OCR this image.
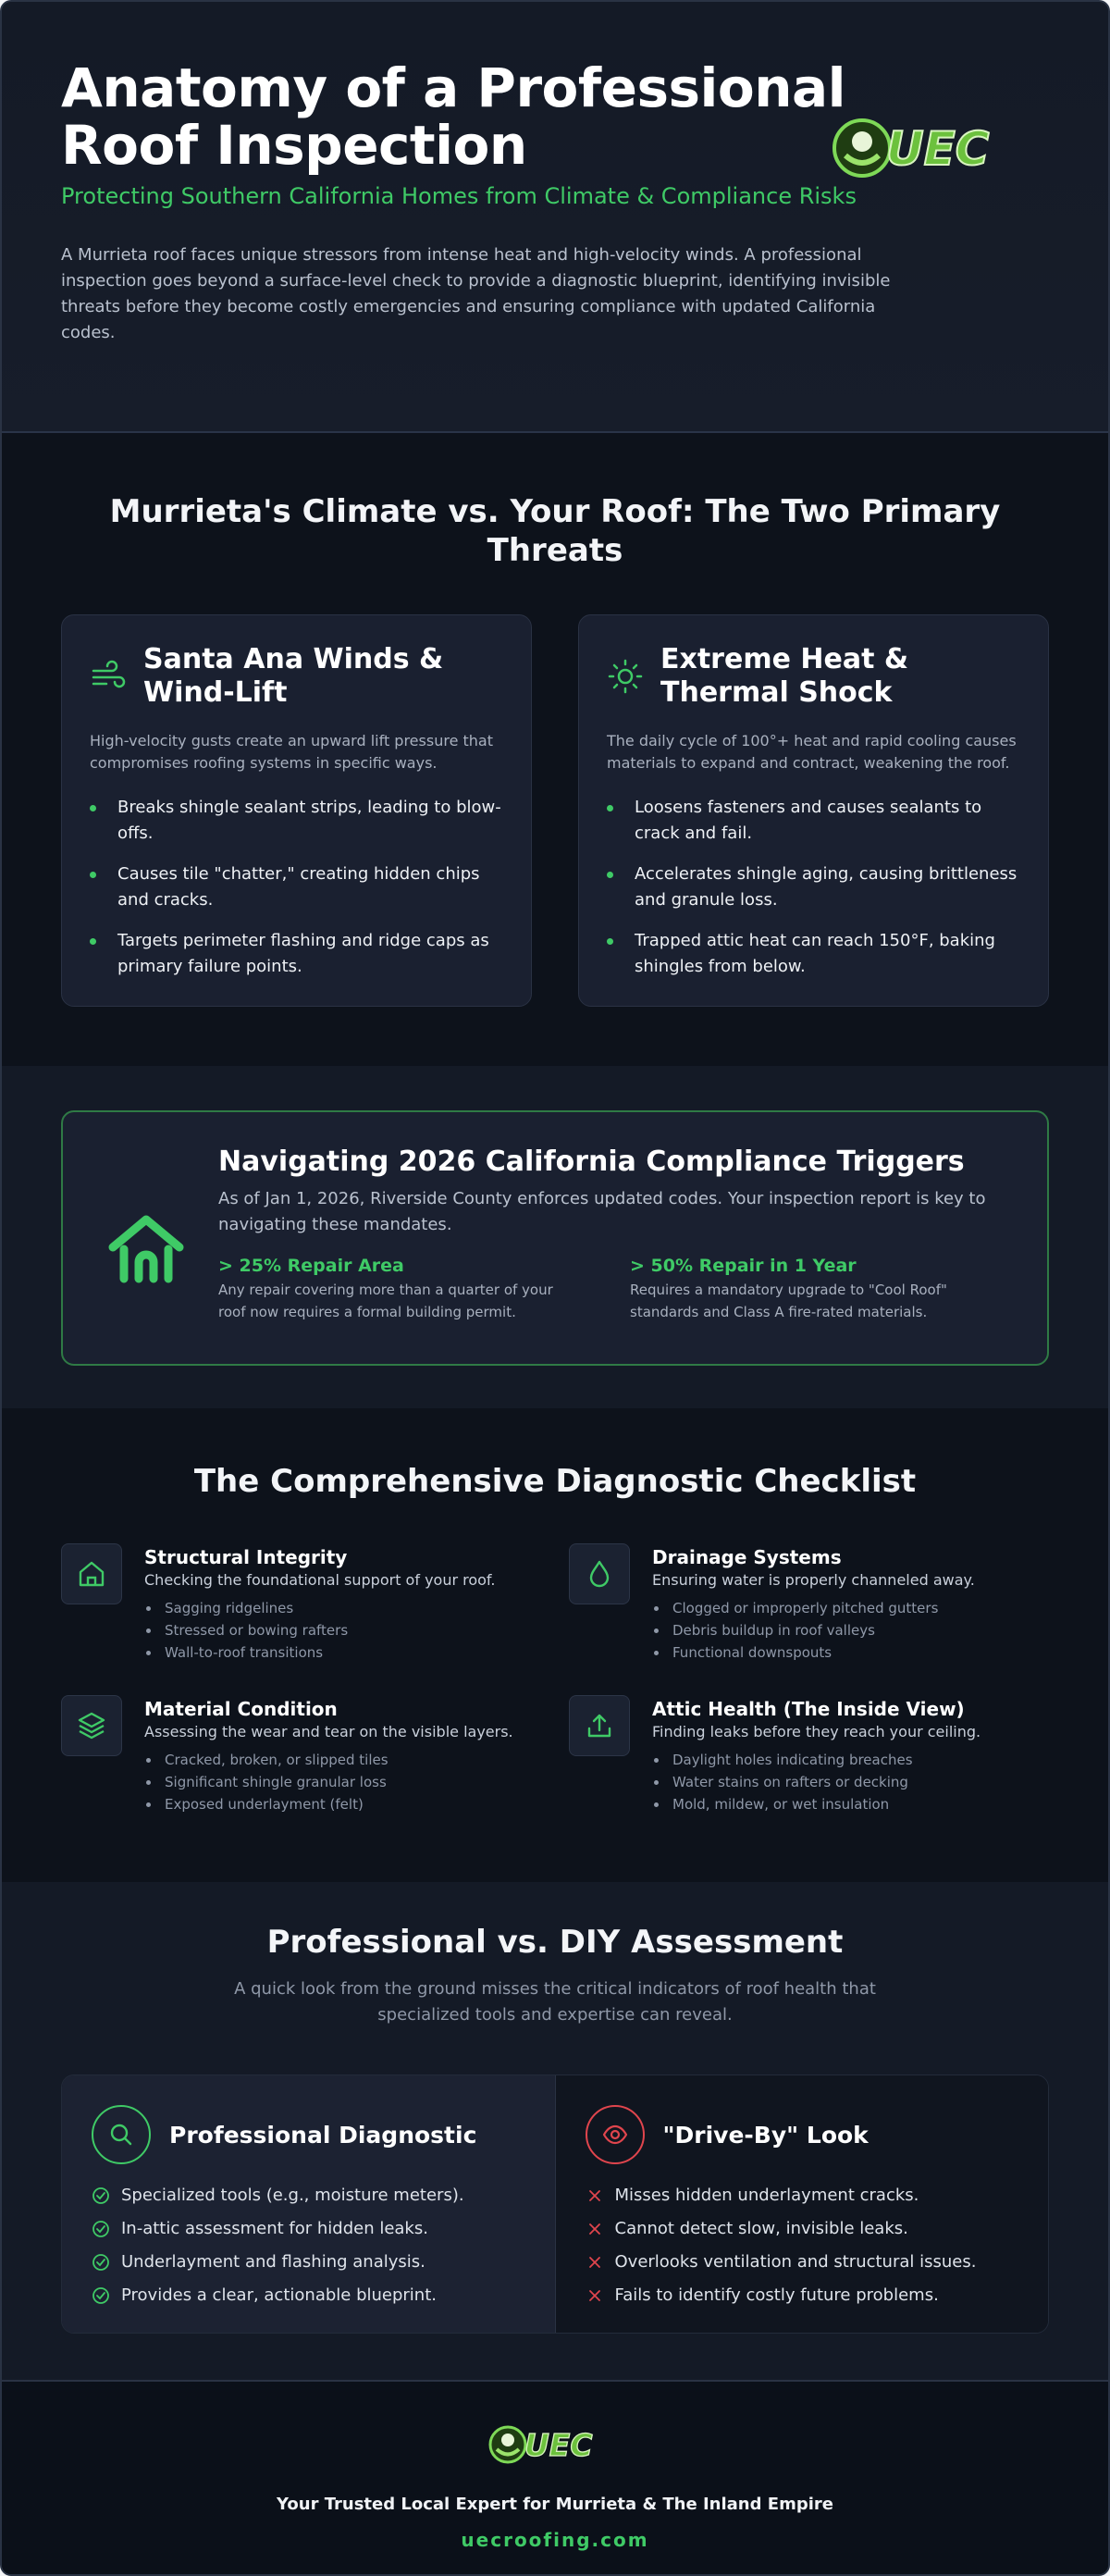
Anatomy of a Professional Roof Inspection
Protecting Southern California Homes from Climate & Compliance Risks

A Murrieta roof faces unique stressors from intense heat and high-velocity winds. A professional inspection goes beyond a surface-level check to provide a diagnostic blueprint, identifying invisible threats before they become costly emergencies and ensuring compliance with updated California codes.

UEC
Murrieta's Climate vs. Your Roof: The Two Primary Threats
Santa Ana Winds & Wind-Lift

High-velocity gusts create an upward lift pressure that compromises roofing systems in specific ways.

Breaks shingle sealant strips, leading to blow-offs.
Causes tile "chatter," creating hidden chips and cracks.
Targets perimeter flashing and ridge caps as primary failure points.
Extreme Heat & Thermal Shock

The daily cycle of 100°+ heat and rapid cooling causes materials to expand and contract, weakening the roof.

Loosens fasteners and causes sealants to crack and fail.
Accelerates shingle aging, causing brittleness and granule loss.
Trapped attic heat can reach 150°F, baking shingles from below.
Navigating 2026 California Compliance Triggers

As of Jan 1, 2026, Riverside County enforces updated codes. Your inspection report is key to navigating these mandates.

> 25% Repair Area
Any repair covering more than a quarter of your roof now requires a formal building permit.
> 50% Repair in 1 Year
Requires a mandatory upgrade to "Cool Roof" standards and Class A fire-rated materials.
The Comprehensive Diagnostic Checklist
Structural Integrity
Checking the foundational support of your roof.
Sagging ridgelines
Stressed or bowing rafters
Wall-to-roof transitions
Drainage Systems
Ensuring water is properly channeled away.
Clogged or improperly pitched gutters
Debris buildup in roof valleys
Functional downspouts
Material Condition
Assessing the wear and tear on the visible layers.
Cracked, broken, or slipped tiles
Significant shingle granular loss
Exposed underlayment (felt)
Attic Health (The Inside View)
Finding leaks before they reach your ceiling.
Daylight holes indicating breaches
Water stains on rafters or decking
Mold, mildew, or wet insulation
Professional vs. DIY Assessment

A quick look from the ground misses the critical indicators of roof health that specialized tools and expertise can reveal.

Professional Diagnostic
Specialized tools (e.g., moisture meters).
In-attic assessment for hidden leaks.
Underlayment and flashing analysis.
Provides a clear, actionable blueprint.
"Drive-By" Look
Misses hidden underlayment cracks.
Cannot detect slow, invisible leaks.
Overlooks ventilation and structural issues.
Fails to identify costly future problems.
UEC
Your Trusted Local Expert for Murrieta & The Inland Empire
uecroofing.com
